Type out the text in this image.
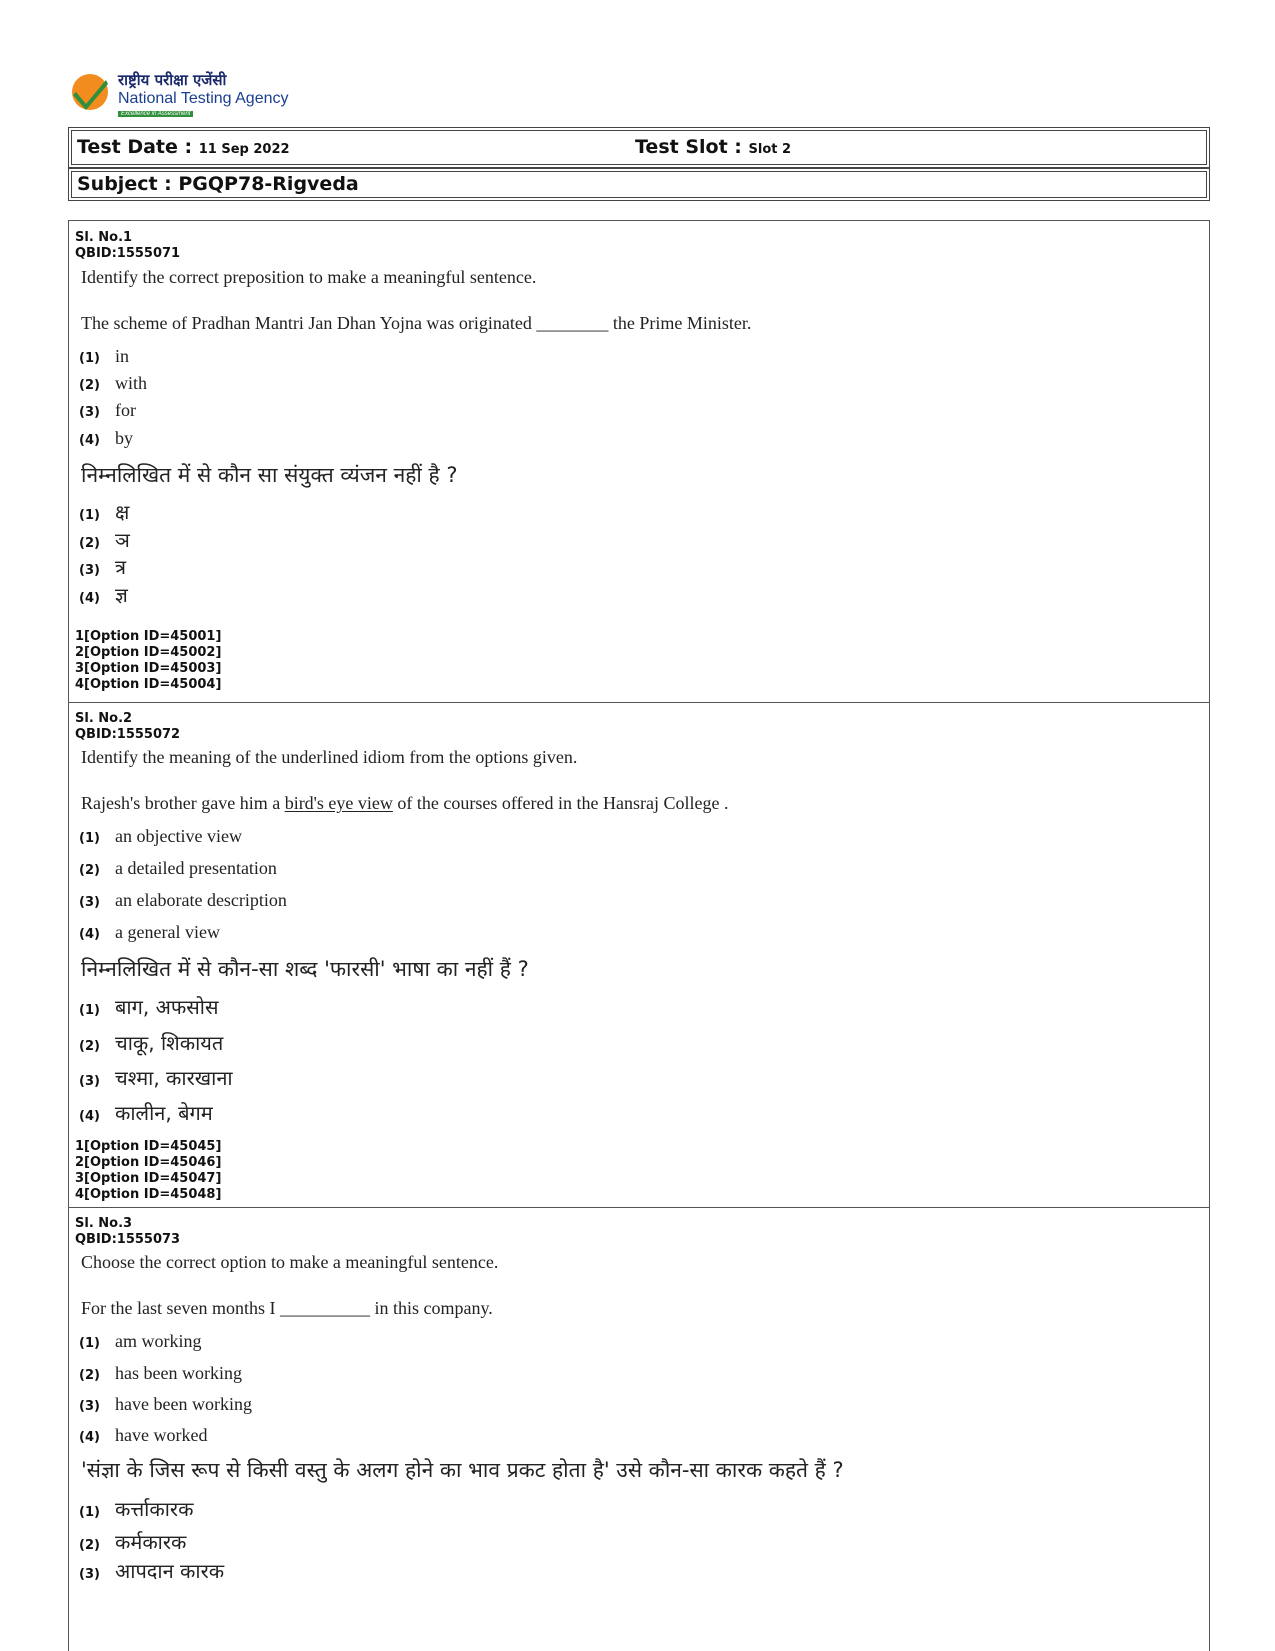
राष्ट्रीय परीक्षा एजेंसी
National Testing Agency
Excellence in Assessment
Test Date : 11 Sep 2022	Test Slot : Slot 2
Subject : PGQP78-Rigveda
Sl. No.1
QBID:1555071
Identify the correct preposition to make a meaningful sentence.
The scheme of Pradhan Mantri Jan Dhan Yojna was originated ________ the Prime Minister.
(1) in
(2) with
(3) for
(4) by
निम्नलिखित में से कौन सा संयुक्त व्यंजन नहीं है ?
(1) क्ष
(2) ञ
(3) त्र
(4) ज्ञ
1[Option ID=45001]
2[Option ID=45002]
3[Option ID=45003]
4[Option ID=45004]
Sl. No.2
QBID:1555072
Identify the meaning of the underlined idiom from the options given.
Rajesh's brother gave him a bird's eye view of the courses offered in the Hansraj College .
(1) an objective view
(2) a detailed presentation
(3) an elaborate description
(4) a general view
निम्नलिखित में से कौन-सा शब्द 'फारसी' भाषा का नहीं हैं ?
(1) बाग, अफसोस
(2) चाकू, शिकायत
(3) चश्मा, कारखाना
(4) कालीन, बेगम
1[Option ID=45045]
2[Option ID=45046]
3[Option ID=45047]
4[Option ID=45048]
Sl. No.3
QBID:1555073
Choose the correct option to make a meaningful sentence.
For the last seven months I __________ in this company.
(1) am working
(2) has been working
(3) have been working
(4) have worked
'संज्ञा के जिस रूप से किसी वस्तु के अलग होने का भाव प्रकट होता है' उसे कौन-सा कारक कहते हैं ?
(1) कर्त्ताकारक
(2) कर्मकारक
(3) आपदान कारक
